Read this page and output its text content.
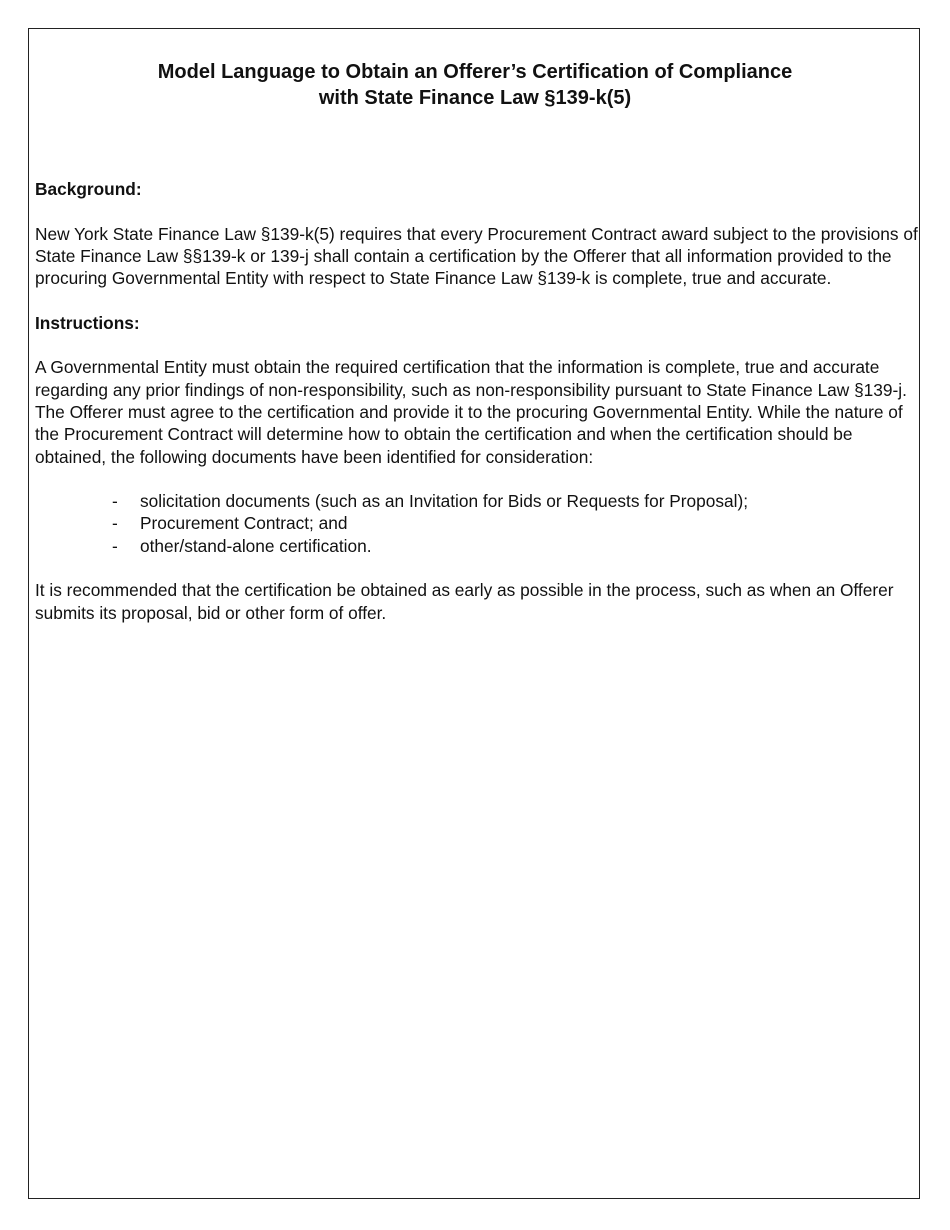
Model Language to Obtain an Offerer’s Certification of Compliance
with State Finance Law §139-k(5)

Background:

New York State Finance Law §139-k(5) requires that every Procurement Contract award subject to the provisions of State Finance Law §§139-k or 139-j shall contain a certification by the Offerer that all information provided to the procuring Governmental Entity with respect to State Finance Law §139-k is complete, true and accurate.

Instructions:

A Governmental Entity must obtain the required certification that the information is complete, true and accurate regarding any prior findings of non-responsibility, such as non-responsibility pursuant to State Finance Law §139-j. The Offerer must agree to the certification and provide it to the procuring Governmental Entity. While the nature of the Procurement Contract will determine how to obtain the certification and when the certification should be obtained, the following documents have been identified for consideration:

- solicitation documents (such as an Invitation for Bids or Requests for Proposal);
- Procurement Contract; and
- other/stand-alone certification.

It is recommended that the certification be obtained as early as possible in the process, such as when an Offerer submits its proposal, bid or other form of offer.
